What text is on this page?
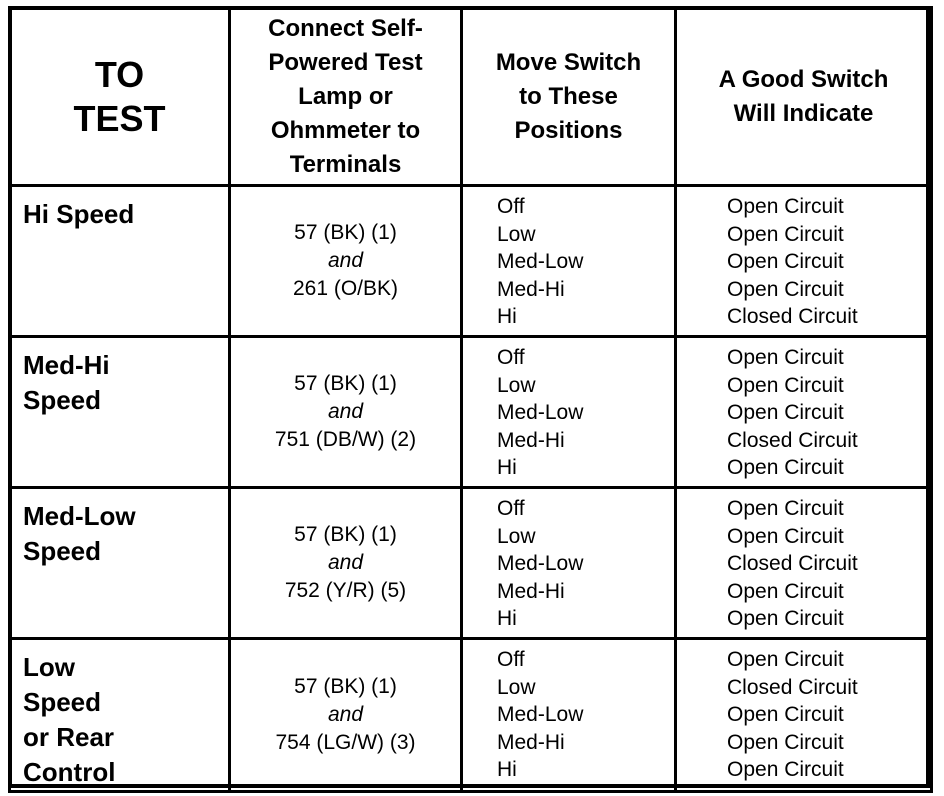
TO
TEST	Connect Self-
Powered Test
Lamp or
Ohmmeter to
Terminals	Move Switch
to These
Positions	A Good Switch
Will Indicate

Hi Speed	57 (BK) (1)
and
261 (O/BK)	Off
Low
Med-Low
Med-Hi
Hi	Open Circuit
Open Circuit
Open Circuit
Open Circuit
Closed Circuit

Med-Hi
Speed	57 (BK) (1)
and
751 (DB/W) (2)	Off
Low
Med-Low
Med-Hi
Hi	Open Circuit
Open Circuit
Open Circuit
Closed Circuit
Open Circuit

Med-Low
Speed	57 (BK) (1)
and
752 (Y/R) (5)	Off
Low
Med-Low
Med-Hi
Hi	Open Circuit
Open Circuit
Closed Circuit
Open Circuit
Open Circuit

Low
Speed
or Rear
Control	57 (BK) (1)
and
754 (LG/W) (3)	Off
Low
Med-Low
Med-Hi
Hi	Open Circuit
Closed Circuit
Open Circuit
Open Circuit
Open Circuit
